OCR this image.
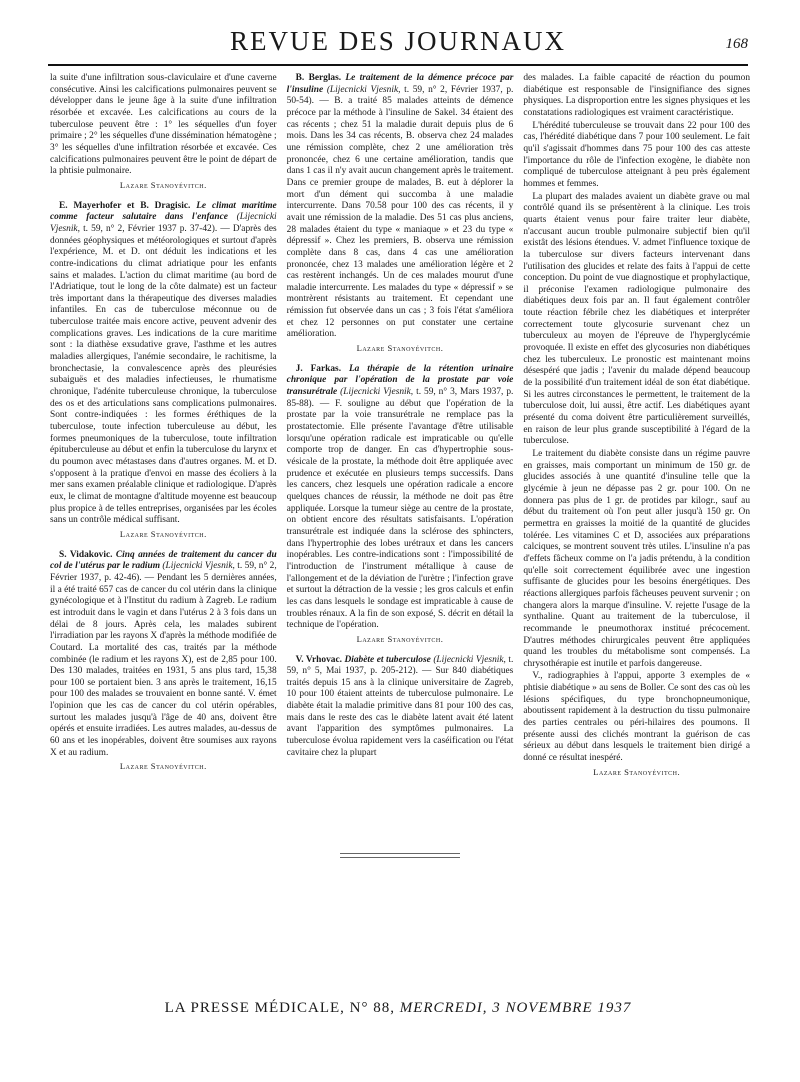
REVUE DES JOURNAUX	168

la suite d'une infiltration sous-claviculaire et d'une caverne consécutive. Ainsi les calcifications pulmonaires peuvent se développer dans le jeune âge à la suite d'une infiltration résorbée et excavée. Les calcifications au cours de la tuberculose peuvent être : 1° les séquelles d'un foyer primaire ; 2° les séquelles d'une dissémination hématogène ; 3° les séquelles d'une infiltration résorbée et excavée. Ces calcifications pulmonaires peuvent être le point de départ de la phtisie pulmonaire.

Lazare Stanoyévitch.

E. Mayerhofer et B. Dragisic. Le climat maritime comme facteur salutaire dans l'enfance (Lijecnicki Vjesnik, t. 59, n° 2, Février 1937 p. 37-42). — D'après des données géophysiques et météorologiques et surtout d'après l'expérience, M. et D. ont déduit les indications et les contre-indications du climat adriatique pour les enfants sains et malades. L'action du climat maritime (au bord de l'Adriatique, tout le long de la côte dalmate) est un facteur très important dans la thérapeutique des diverses maladies infantiles. En cas de tuberculose méconnue ou de tuberculose traitée mais encore active, peuvent advenir des complications graves. Les indications de la cure maritime sont : la diathèse exsudative grave, l'asthme et les autres maladies allergiques, l'anémie secondaire, le rachitisme, la bronchectasie, la convalescence après des pleurésies subaiguës et des maladies infectieuses, le rhumatisme chronique, l'adénite tuberculeuse chronique, la tuberculose des os et des articulations sans complications pulmonaires. Sont contre-indiquées : les formes éréthiques de la tuberculose, toute infection tuberculeuse au début, les formes pneumoniques de la tuberculose, toute infiltration épituberculeuse au début et enfin la tuberculose du larynx et du poumon avec métastases dans d'autres organes. M. et D. s'opposent à la pratique d'envoi en masse des écoliers à la mer sans examen préalable clinique et radiologique. D'après eux, le climat de montagne d'altitude moyenne est beaucoup plus propice à de telles entreprises, organisées par les écoles sans un contrôle médical suffisant.

Lazare Stanoyévitch.

S. Vidakovic. Cinq années de traitement du cancer du col de l'utérus par le radium (Lijecnicki Vjesnik, t. 59, n° 2, Février 1937, p. 42-46). — Pendant les 5 dernières années, il a été traité 657 cas de cancer du col utérin dans la clinique gynécologique et à l'Institut du radium à Zagreb. Le radium est introduit dans le vagin et dans l'utérus 2 à 3 fois dans un délai de 8 jours. Après cela, les malades subirent l'irradiation par les rayons X d'après la méthode modifiée de Coutard. La mortalité des cas, traités par la méthode combinée (le radium et les rayons X), est de 2,85 pour 100. Des 130 malades, traitées en 1931, 5 ans plus tard, 15,38 pour 100 se portaient bien. 3 ans après le traitement, 16,15 pour 100 des malades se trouvaient en bonne santé. V. émet l'opinion que les cas de cancer du col utérin opérables, surtout les malades jusqu'à l'âge de 40 ans, doivent être opérés et ensuite irradiées. Les autres malades, au-dessus de 60 ans et les inopérables, doivent être soumises aux rayons X et au radium.

Lazare Stanoyévitch.

B. Berglas. Le traitement de la démence précoce par l'insuline (Lijecnicki Vjesnik, t. 59, n° 2, Février 1937, p. 50-54). — B. a traité 85 malades atteints de démence précoce par la méthode à l'insuline de Sakel. 34 étaient des cas récents ; chez 51 la maladie durait depuis plus de 6 mois. Dans les 34 cas récents, B. observa chez 24 malades une rémission complète, chez 2 une amélioration très prononcée, chez 6 une certaine amélioration, tandis que dans 1 cas il n'y avait aucun changement après le traitement. Dans ce premier groupe de malades, B. eut à déplorer la mort d'un dément qui succomba à une maladie intercurrente. Dans 70.58 pour 100 des cas récents, il y avait une rémission de la maladie. Des 51 cas plus anciens, 28 malades étaient du type « maniaque » et 23 du type « dépressif ». Chez les premiers, B. observa une rémission complète dans 8 cas, dans 4 cas une amélioration prononcée, chez 13 malades une amélioration légère et 2 cas restèrent inchangés. Un de ces malades mourut d'une maladie intercurrente. Les malades du type « dépressif » se montrèrent résistants au traitement. Et cependant une rémission fut observée dans un cas ; 3 fois l'état s'améliora et chez 12 personnes on put constater une certaine amélioration.

Lazare Stanoyévitch.

J. Farkas. La thérapie de la rétention urinaire chronique par l'opération de la prostate par voie transurétrale (Lijecnicki Vjesnik, t. 59, n° 3, Mars 1937, p. 85-88). — F. souligne au début que l'opération de la prostate par la voie transurétrale ne remplace pas la prostatectomie. Elle présente l'avantage d'être utilisable lorsqu'une opération radicale est impraticable ou qu'elle comporte trop de danger. En cas d'hypertrophie sous-vésicale de la prostate, la méthode doit être appliquée avec prudence et exécutée en plusieurs temps successifs. Dans les cancers, chez lesquels une opération radicale a encore quelques chances de réussir, la méthode ne doit pas être appliquée. Lorsque la tumeur siège au centre de la prostate, on obtient encore des résultats satisfaisants. L'opération transurétrale est indiquée dans la sclérose des sphincters, dans l'hypertrophie des lobes urétraux et dans les cancers inopérables. Les contre-indications sont : l'impossibilité de l'introduction de l'instrument métallique à cause de l'allongement et de la déviation de l'urètre ; l'infection grave et surtout la détraction de la vessie ; les gros calculs et enfin les cas dans lesquels le sondage est impraticable à cause de troubles rénaux. A la fin de son exposé, S. décrit en détail la technique de l'opération.

Lazare Stanoyévitch.

V. Vrhovac. Diabète et tuberculose (Lijecnicki Vjesnik, t. 59, n° 5, Mai 1937, p. 205-212). — Sur 840 diabétiques traités depuis 15 ans à la clinique universitaire de Zagreb, 10 pour 100 étaient atteints de tuberculose pulmonaire. Le diabète était la maladie primitive dans 81 pour 100 des cas, mais dans le reste des cas le diabète latent avait été latent avant l'apparition des symptômes pulmonaires. La tuberculose évolua rapidement vers la caséification ou l'état cavitaire chez la plupart

des malades. La faible capacité de réaction du poumon diabétique est responsable de l'insignifiance des signes physiques. La disproportion entre les signes physiques et les constatations radiologiques est vraiment caractéristique.

L'hérédité tuberculeuse se trouvait dans 22 pour 100 des cas, l'hérédité diabétique dans 7 pour 100 seulement. Le fait qu'il s'agissait d'hommes dans 75 pour 100 des cas atteste l'importance du rôle de l'infection exogène, le diabète non compliqué de tuberculose atteignant à peu près également hommes et femmes.

La plupart des malades avaient un diabète grave ou mal contrôlé quand ils se présentèrent à la clinique. Les trois quarts étaient venus pour faire traiter leur diabète, n'accusant aucun trouble pulmonaire subjectif bien qu'il existât des lésions étendues. V. admet l'influence toxique de la tuberculose sur divers facteurs intervenant dans l'utilisation des glucides et relate des faits à l'appui de cette conception. Du point de vue diagnostique et prophylactique, il préconise l'examen radiologique pulmonaire des diabétiques deux fois par an. Il faut également contrôler toute réaction fébrile chez les diabétiques et interpréter correctement toute glycosurie survenant chez un tuberculeux au moyen de l'épreuve de l'hyperglycémie provoquée. Il existe en effet des glycosuries non diabétiques chez les tuberculeux. Le pronostic est maintenant moins désespéré que jadis ; l'avenir du malade dépend beaucoup de la possibilité d'un traitement idéal de son état diabétique. Si les autres circonstances le permettent, le traitement de la tuberculose doit, lui aussi, être actif. Les diabétiques ayant présenté du coma doivent être particulièrement surveillés, en raison de leur plus grande susceptibilité à l'égard de la tuberculose.

Le traitement du diabète consiste dans un régime pauvre en graisses, mais comportant un minimum de 150 gr. de glucides associés à une quantité d'insuline telle que la glycémie à jeun ne dépasse pas 2 gr. pour 100. On ne donnera pas plus de 1 gr. de protides par kilogr., sauf au début du traitement où l'on peut aller jusqu'à 150 gr. On permettra en graisses la moitié de la quantité de glucides tolérée. Les vitamines C et D, associées aux préparations calciques, se montrent souvent très utiles. L'insuline n'a pas d'effets fâcheux comme on l'a jadis prétendu, à la condition qu'elle soit correctement équilibrée avec une ingestion suffisante de glucides pour les besoins énergétiques. Des réactions allergiques parfois fâcheuses peuvent survenir ; on changera alors la marque d'insuline. V. rejette l'usage de la synthaline. Quant au traitement de la tuberculose, il recommande le pneumothorax institué précocement. D'autres méthodes chirurgicales peuvent être appliquées quand les troubles du métabolisme sont compensés. La chrysothérapie est inutile et parfois dangereuse.

V., radiographies à l'appui, apporte 3 exemples de « phtisie diabétique » au sens de Boller. Ce sont des cas où les lésions spécifiques, du type bronchopneumonique, aboutissent rapidement à la destruction du tissu pulmonaire des parties centrales ou péri-hilaires des poumons. Il présente aussi des clichés montrant la guérison de cas sérieux au début dans lesquels le traitement bien dirigé a donné ce résultat inespéré.

Lazare Stanoyévitch.
LA PRESSE MÉDICALE, N° 88, MERCREDI, 3 NOVEMBRE 1937
